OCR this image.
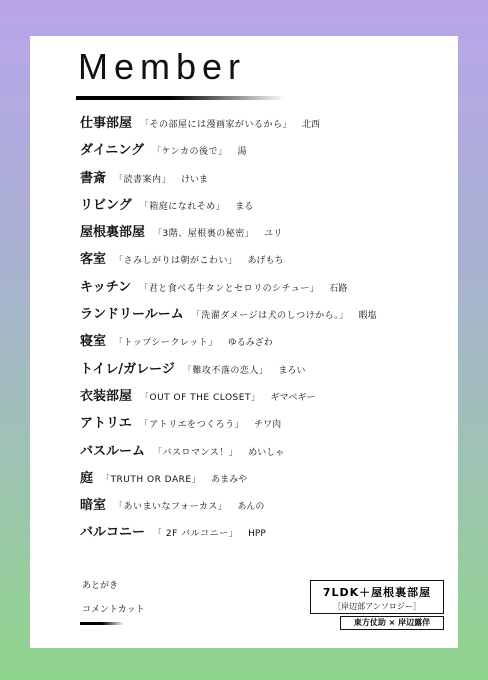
Member
仕事部屋 「その部屋には漫画家がいるから」 北西
ダイニング 「ケンカの後で」 湯
書斎 「読書案内」 けいま
リビング 「箱庭になれそめ」 まる
屋根裏部屋 「3階、屋根裏の秘密」 ユリ
客室 「さみしがりは朝がこわい」 あげもち
キッチン 「君と食べる牛タンとセロリのシチュー」 石路
ランドリールーム 「洗濯ダメージは犬のしつけから。」 暇塩
寝室 「トップシークレット」 ゆるみざわ
トイレ/ガレージ 「難攻不落の恋人」 まろい
衣装部屋 「OUT OF THE CLOSET」 ギマベギー
アトリエ 「アトリエをつくろう」 チワ肉
バスルーム 「バスロマンス！」 めいしゃ
庭 「TRUTH OR DARE」 あまみや
暗室 「あいまいなフォーカス」 あんの
バルコニー 「 2F バルコニー」 HPP
あとがき
コメントカット
7LDK＋屋根裏部屋
［岸辺部アンソロジー］
東方仗助 × 岸辺露伴
